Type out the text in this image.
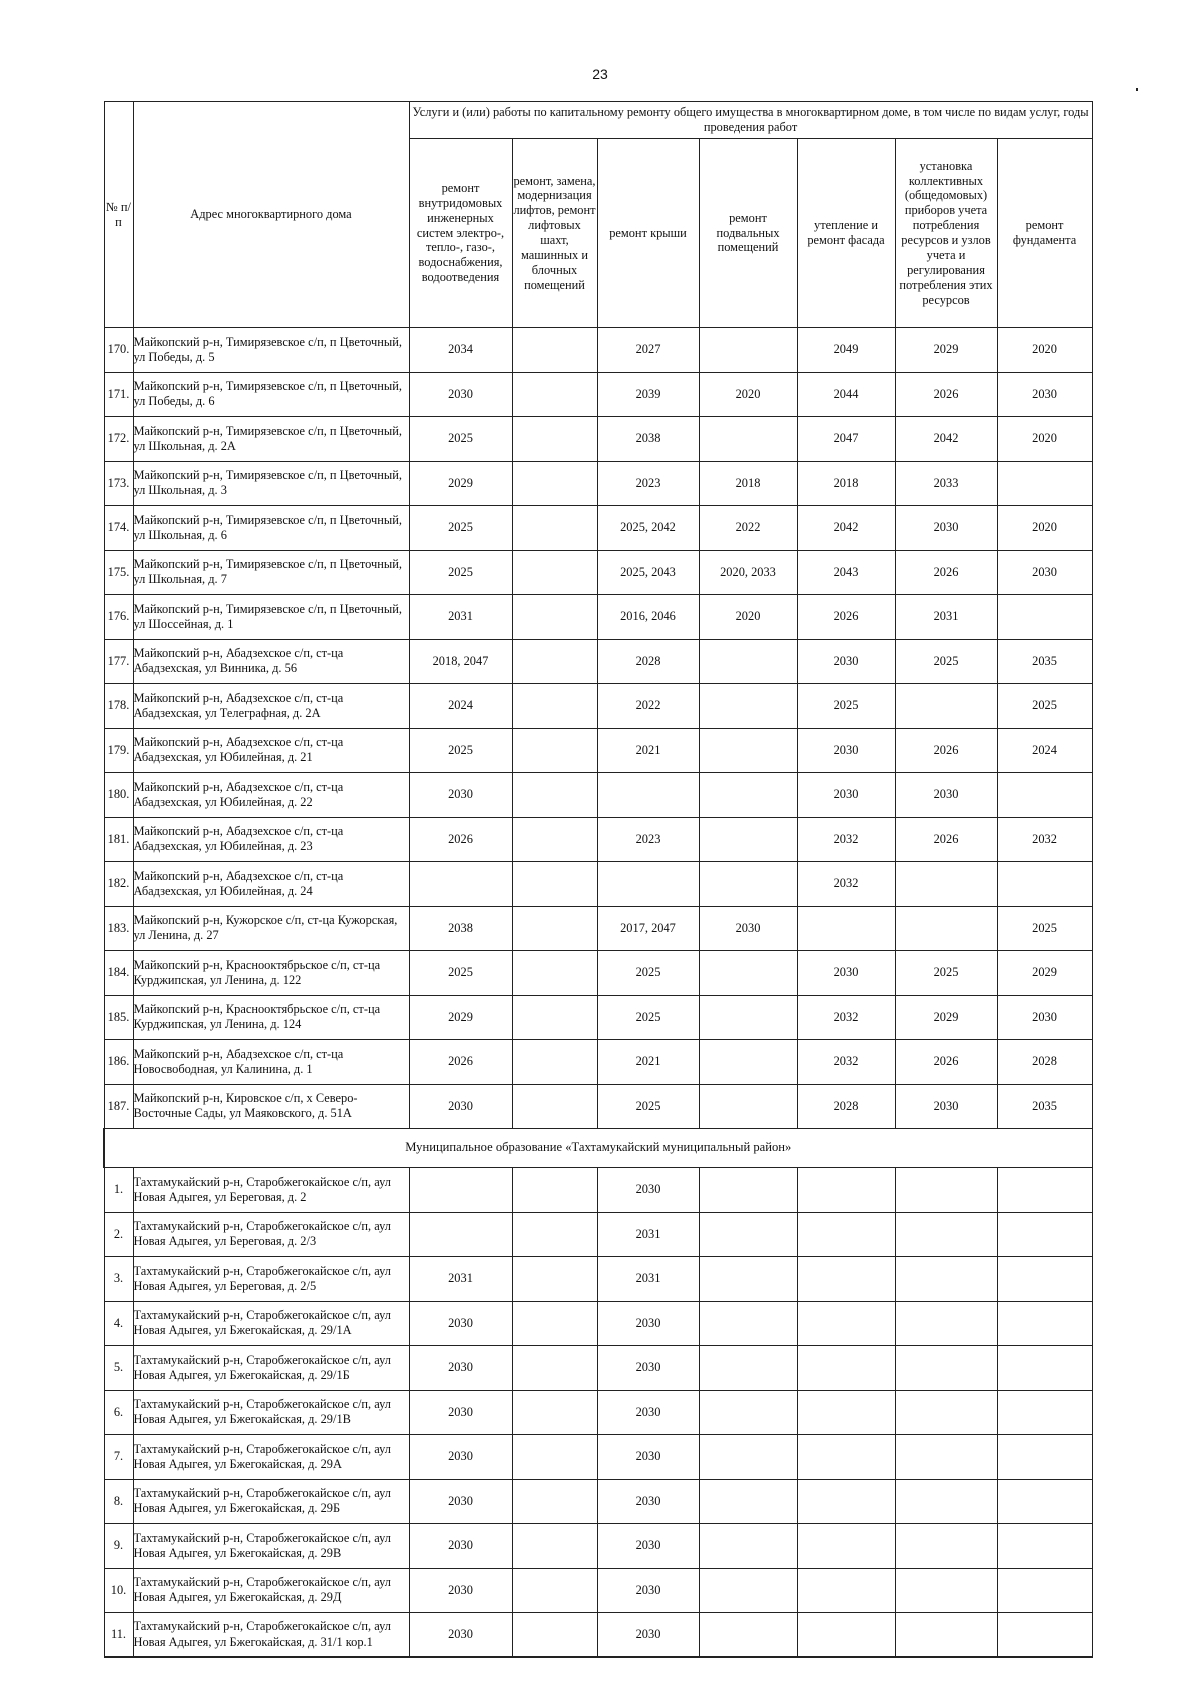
23
№ п/п	Адрес многоквартирного дома	Услуги и (или) работы по капитальному ремонту общего имущества в многоквартирном доме, в том числе по видам услуг, годы проведения работ						
		ремонт внутридомовых инженерных систем электро-, тепло-, газо-, водоснабжения, водоотведения	ремонт, замена, модернизация лифтов, ремонт лифтовых шахт, машинных и блочных помещений	ремонт крыши	ремонт подвальных помещений	утепление и ремонт фасада	установка коллективных (общедомовых) приборов учета потребления ресурсов и узлов учета и регулирования потребления этих ресурсов	ремонт фундамента
170.	Майкопский р-н, Тимирязевское с/п, п Цветочный, ул Победы, д. 5	2034		2027		2049	2029	2020
171.	Майкопский р-н, Тимирязевское с/п, п Цветочный, ул Победы, д. 6	2030		2039	2020	2044	2026	2030
172.	Майкопский р-н, Тимирязевское с/п, п Цветочный, ул Школьная, д. 2А	2025		2038		2047	2042	2020
173.	Майкопский р-н, Тимирязевское с/п, п Цветочный, ул Школьная, д. 3	2029		2023	2018	2018	2033	
174.	Майкопский р-н, Тимирязевское с/п, п Цветочный, ул Школьная, д. 6	2025		2025, 2042	2022	2042	2030	2020
175.	Майкопский р-н, Тимирязевское с/п, п Цветочный, ул Школьная, д. 7	2025		2025, 2043	2020, 2033	2043	2026	2030
176.	Майкопский р-н, Тимирязевское с/п, п Цветочный, ул Шоссейная, д. 1	2031		2016, 2046	2020	2026	2031	
177.	Майкопский р-н, Абадзехское с/п, ст-ца Абадзехская, ул Винника, д. 56	2018, 2047		2028		2030	2025	2035
178.	Майкопский р-н, Абадзехское с/п, ст-ца Абадзехская, ул Телеграфная, д. 2А	2024		2022		2025		2025
179.	Майкопский р-н, Абадзехское с/п, ст-ца Абадзехская, ул Юбилейная, д. 21	2025		2021		2030	2026	2024
180.	Майкопский р-н, Абадзехское с/п, ст-ца Абадзехская, ул Юбилейная, д. 22	2030				2030	2030	
181.	Майкопский р-н, Абадзехское с/п, ст-ца Абадзехская, ул Юбилейная, д. 23	2026		2023		2032	2026	2032
182.	Майкопский р-н, Абадзехское с/п, ст-ца Абадзехская, ул Юбилейная, д. 24					2032		
183.	Майкопский р-н, Кужорское с/п, ст-ца Кужорская, ул Ленина, д. 27	2038		2017, 2047	2030			2025
184.	Майкопский р-н, Краснооктябрьское с/п, ст-ца Курджипская, ул Ленина, д. 122	2025		2025		2030	2025	2029
185.	Майкопский р-н, Краснооктябрьское с/п, ст-ца Курджипская, ул Ленина, д. 124	2029		2025		2032	2029	2030
186.	Майкопский р-н, Абадзехское с/п, ст-ца Новосвободная, ул Калинина, д. 1	2026		2021		2032	2026	2028
187.	Майкопский р-н, Кировское с/п, х Северо-Восточные Сады, ул Маяковского, д. 51А	2030		2025		2028	2030	2035
Муниципальное образование «Тахтамукайский муниципальный район»								
1.	Тахтамукайский р-н, Старобжегокайское с/п, аул Новая Адыгея, ул Береговая, д. 2			2030				
2.	Тахтамукайский р-н, Старобжегокайское с/п, аул Новая Адыгея, ул Береговая, д. 2/3			2031				
3.	Тахтамукайский р-н, Старобжегокайское с/п, аул Новая Адыгея, ул Береговая, д. 2/5	2031		2031				
4.	Тахтамукайский р-н, Старобжегокайское с/п, аул Новая Адыгея, ул Бжегокайская, д. 29/1А	2030		2030				
5.	Тахтамукайский р-н, Старобжегокайское с/п, аул Новая Адыгея, ул Бжегокайская, д. 29/1Б	2030		2030				
6.	Тахтамукайский р-н, Старобжегокайское с/п, аул Новая Адыгея, ул Бжегокайская, д. 29/1В	2030		2030				
7.	Тахтамукайский р-н, Старобжегокайское с/п, аул Новая Адыгея, ул Бжегокайская, д. 29А	2030		2030				
8.	Тахтамукайский р-н, Старобжегокайское с/п, аул Новая Адыгея, ул Бжегокайская, д. 29Б	2030		2030				
9.	Тахтамукайский р-н, Старобжегокайское с/п, аул Новая Адыгея, ул Бжегокайская, д. 29В	2030		2030				
10.	Тахтамукайский р-н, Старобжегокайское с/п, аул Новая Адыгея, ул Бжегокайская, д. 29Д	2030		2030				
11.	Тахтамукайский р-н, Старобжегокайское с/п, аул Новая Адыгея, ул Бжегокайская, д. 31/1 кор.1	2030		2030				
